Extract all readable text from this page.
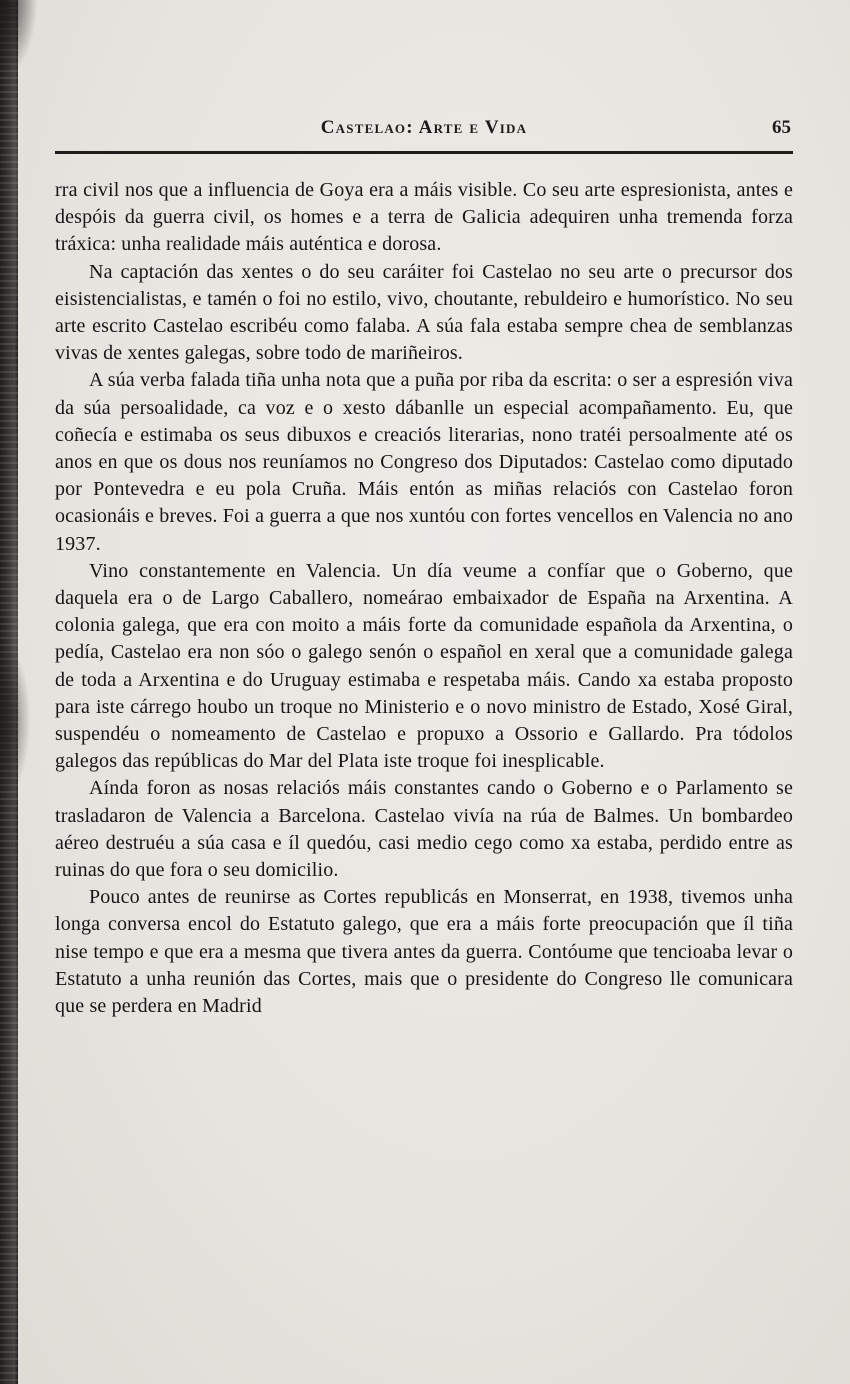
Castelao: Arte e Vida	65

rra civil nos que a influencia de Goya era a máis visible. Co seu arte espresionista, antes e despóis da guerra civil, os homes e a terra de Galicia adequiren unha tremenda forza tráxica: unha realidade máis auténtica e dorosa.

Na captación das xentes o do seu caráiter foi Castelao no seu arte o precursor dos eisistencialistas, e tamén o foi no estilo, vivo, choutante, rebuldeiro e humorístico. No seu arte escrito Castelao escribéu como falaba. A súa fala estaba sempre chea de semblanzas vivas de xentes galegas, sobre todo de mariñeiros.

A súa verba falada tiña unha nota que a puña por riba da escrita: o ser a espresión viva da súa persoalidade, ca voz e o xesto dábanlle un especial acompañamento. Eu, que coñecía e estimaba os seus dibuxos e creaciós literarias, nono tratéi persoalmente até os anos en que os dous nos reuníamos no Congreso dos Diputados: Castelao como diputado por Pontevedra e eu pola Cruña. Máis entón as miñas relaciós con Castelao foron ocasionáis e breves. Foi a guerra a que nos xuntóu con fortes vencellos en Valencia no ano 1937.

Vino constantemente en Valencia. Un día veume a confíar que o Goberno, que daquela era o de Largo Caballero, nomeárao embaixador de España na Arxentina. A colonia galega, que era con moito a máis forte da comunidade española da Arxentina, o pedía, Castelao era non sóo o galego senón o español en xeral que a comunidade galega de toda a Arxentina e do Uruguay estimaba e respetaba máis. Cando xa estaba proposto para iste cárrego houbo un troque no Ministerio e o novo ministro de Estado, Xosé Giral, suspendéu o nomeamento de Castelao e propuxo a Ossorio e Gallardo. Pra tódolos galegos das repúblicas do Mar del Plata iste troque foi inesplicable.

Aínda foron as nosas relaciós máis constantes cando o Goberno e o Parlamento se trasladaron de Valencia a Barcelona. Castelao vivía na rúa de Balmes. Un bombardeo aéreo destruéu a súa casa e íl quedóu, casi medio cego como xa estaba, perdido entre as ruinas do que fora o seu domicilio.

Pouco antes de reunirse as Cortes republicás en Monserrat, en 1938, tivemos unha longa conversa encol do Estatuto galego, que era a máis forte preocupación que íl tiña nise tempo e que era a mesma que tivera antes da guerra. Contóume que tencioaba levar o Estatuto a unha reunión das Cortes, mais que o presidente do Congreso lle comunicara que se perdera en Madrid
